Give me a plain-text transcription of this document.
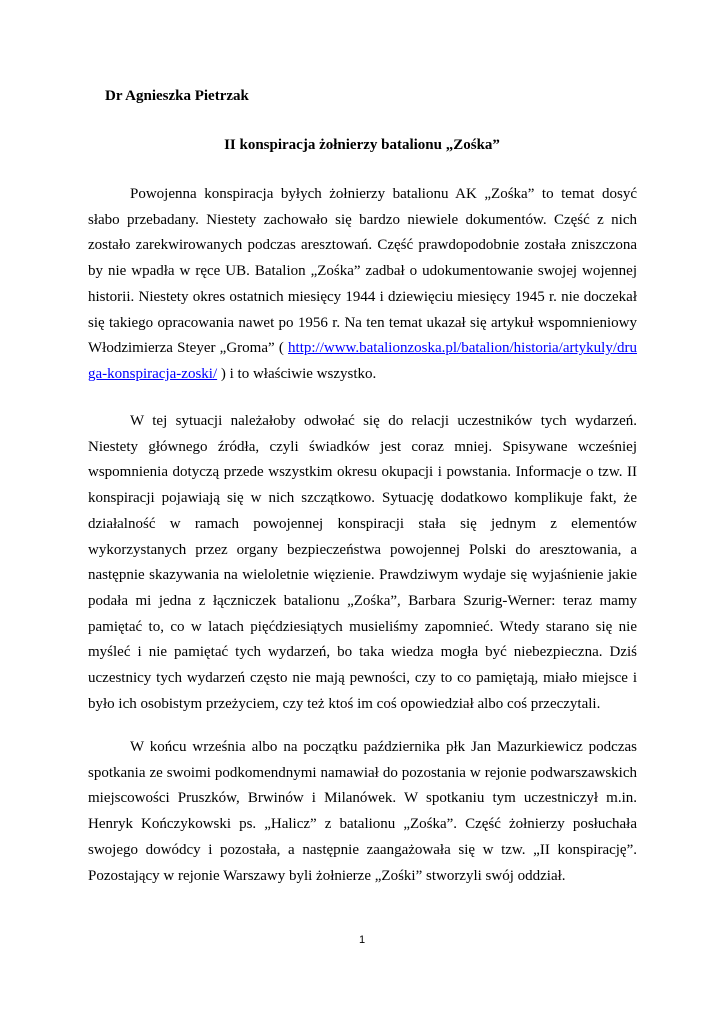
Dr Agnieszka Pietrzak
II konspiracja żołnierzy batalionu „Zośka”

Powojenna konspiracja byłych żołnierzy batalionu AK „Zośka” to temat dosyć słabo przebadany. Niestety zachowało się bardzo niewiele dokumentów. Część z nich zostało zarekwirowanych podczas aresztowań. Część prawdopodobnie została zniszczona by nie wpadła w ręce UB. Batalion „Zośka” zadbał o udokumentowanie swojej wojennej historii. Niestety okres ostatnich miesięcy 1944 i dziewięciu miesięcy 1945 r. nie doczekał się takiego opracowania nawet po 1956 r. Na ten temat ukazał się artykuł wspomnieniowy Włodzimierza Steyer „Groma” ( http://www.batalionzoska.pl/batalion/historia/artykuly/druga-konspiracja-zoski/ ) i to właściwie wszystko.

W tej sytuacji należałoby odwołać się do relacji uczestników tych wydarzeń. Niestety głównego źródła, czyli świadków jest coraz mniej. Spisywane wcześniej wspomnienia dotyczą przede wszystkim okresu okupacji i powstania. Informacje o tzw. II konspiracji pojawiają się w nich szczątkowo. Sytuację dodatkowo komplikuje fakt, że działalność w ramach powojennej konspiracji stała się jednym z elementów wykorzystanych przez organy bezpieczeństwa powojennej Polski do aresztowania, a następnie skazywania na wieloletnie więzienie. Prawdziwym wydaje się wyjaśnienie jakie podała mi jedna z łączniczek batalionu „Zośka”, Barbara Szurig-Werner: teraz mamy pamiętać to, co w latach pięćdziesiątych musieliśmy zapomnieć. Wtedy starano się nie myśleć i nie pamiętać tych wydarzeń, bo taka wiedza mogła być niebezpieczna. Dziś uczestnicy tych wydarzeń często nie mają pewności, czy to co pamiętają, miało miejsce i było ich osobistym przeżyciem, czy też ktoś im coś opowiedział albo coś przeczytali.

W końcu września albo na początku października płk Jan Mazurkiewicz podczas spotkania ze swoimi podkomendnymi namawiał do pozostania w rejonie podwarszawskich miejscowości Pruszków, Brwinów i Milanówek. W spotkaniu tym uczestniczył m.in. Henryk Kończykowski ps. „Halicz” z batalionu „Zośka”. Część żołnierzy posłuchała swojego dowódcy i pozostała, a następnie zaangażowała się w tzw. „II konspirację”. Pozostający w rejonie Warszawy byli żołnierze „Zośki” stworzyli swój oddział.

1
